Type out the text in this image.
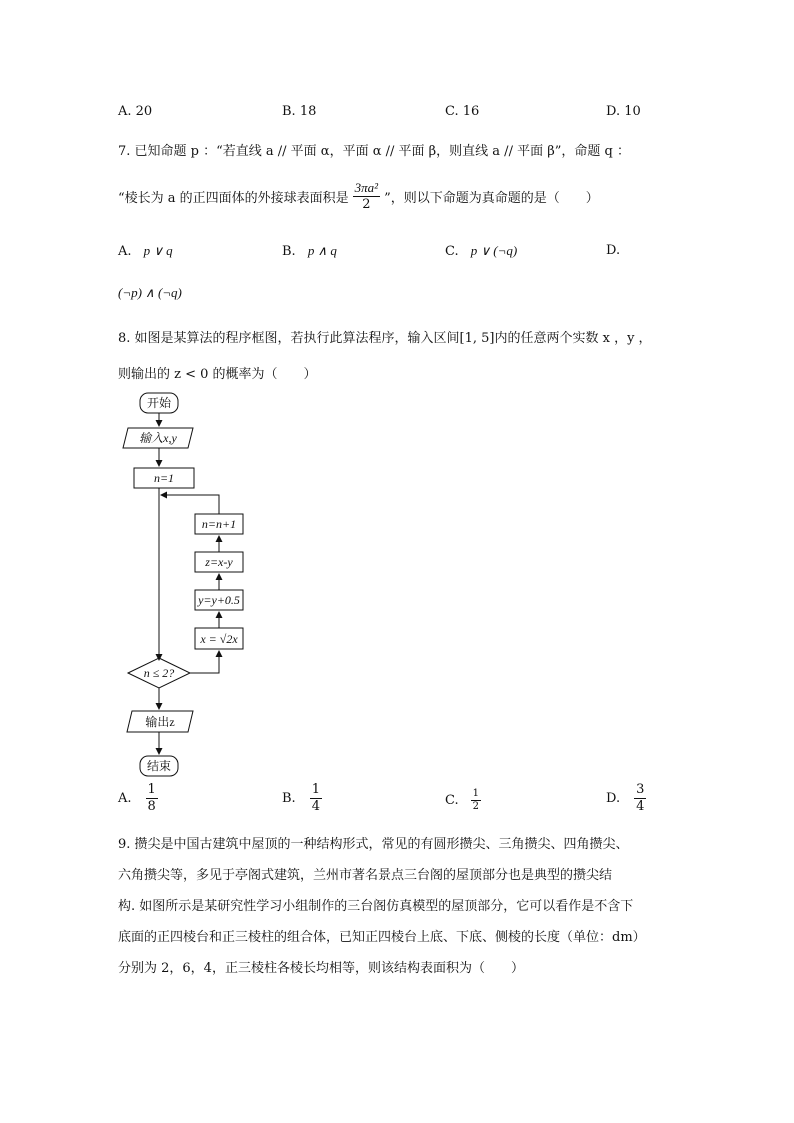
A. 20	B. 18	C. 16	D. 10
7. 已知命题 p ：“若直线 a // 平面 α，平面 α // 平面 β，则直线 a // 平面 β”，命题 q ：
“棱长为 a 的正四面体的外接球表面积是 $\frac{\text{3πa²}}{2}$ ”，则以下命题为真命题的是（　　）
A. p ∨ q	B. p ∧ q	C. p ∨ (¬q)	D.
(¬p) ∧ (¬q)
8. 如图是某算法的程序框图，若执行此算法程序，输入区间[1, 5]内的任意两个实数 x ，y ，
则输出的 z < 0 的概率为（　　）
开始
输入x,y
n=1
n=n+1
z=x-y
y=y+0.5
x = √2x
n ≤ 2?
输出z
结束
A. $\frac{1}{8}$	B. $\frac{1}{4}$	C. $\frac{1}{2}$	D. $\frac{3}{4}$
9. 攒尖是中国古建筑中屋顶的一种结构形式，常见的有圆形攒尖、三角攒尖、四角攒尖、
六角攒尖等，多见于亭阁式建筑，兰州市著名景点三台阁的屋顶部分也是典型的攒尖结
构. 如图所示是某研究性学习小组制作的三台阁仿真模型的屋顶部分，它可以看作是不含下
底面的正四棱台和正三棱柱的组合体，已知正四棱台上底、下底、侧棱的长度（单位：dm）
分别为 2，6，4，正三棱柱各棱长均相等，则该结构表面积为（　　）
